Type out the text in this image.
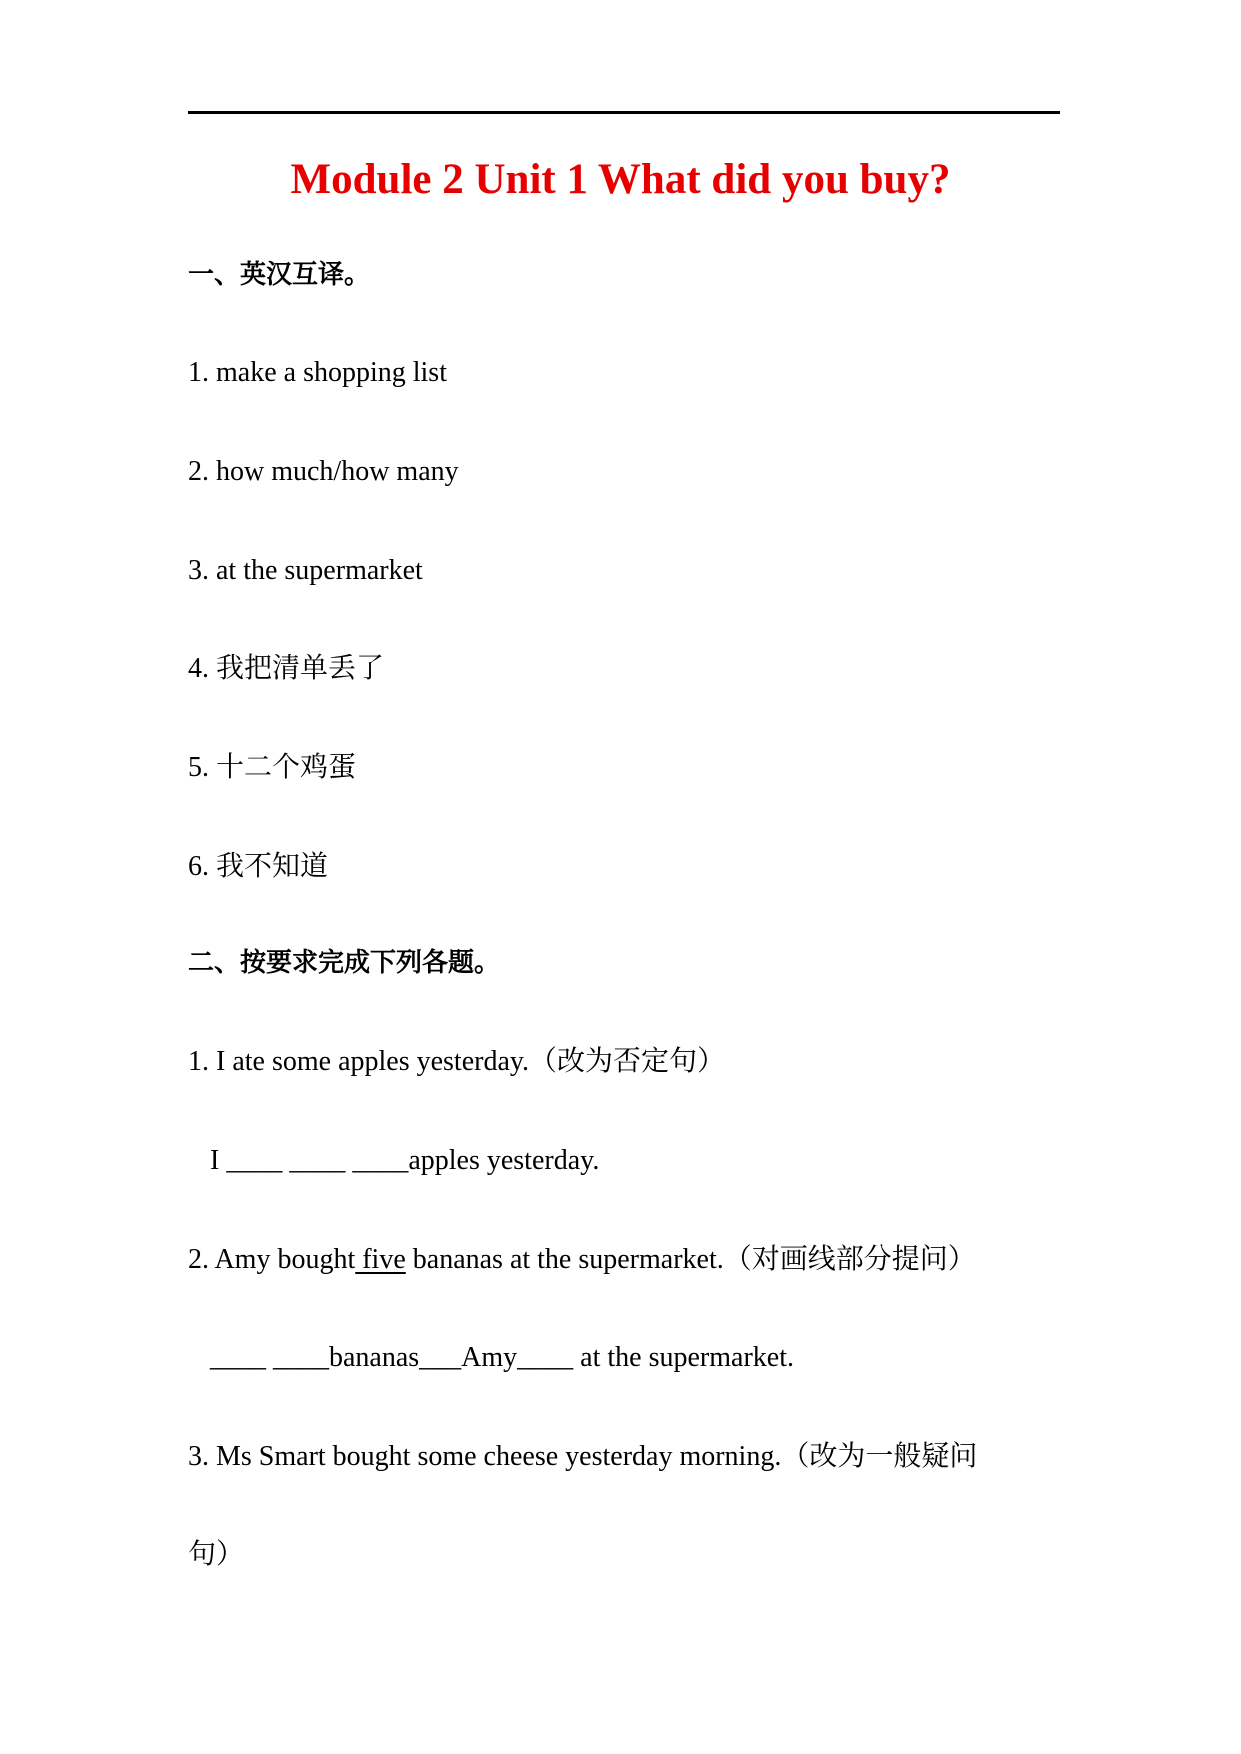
Module 2 Unit 1 What did you buy?
一、英汉互译。
1. make a shopping list
2. how much/how many
3. at the supermarket
4. 我把清单丢了
5. 十二个鸡蛋
6. 我不知道
二、按要求完成下列各题。
1. I ate some apples yesterday.（改为否定句）
I ____ ____ ____apples yesterday.
2. Amy bought five bananas at the supermarket.（对画线部分提问）
____ ____bananas___Amy____ at the supermarket.
3. Ms Smart bought some cheese yesterday morning.（改为一般疑问
句）
